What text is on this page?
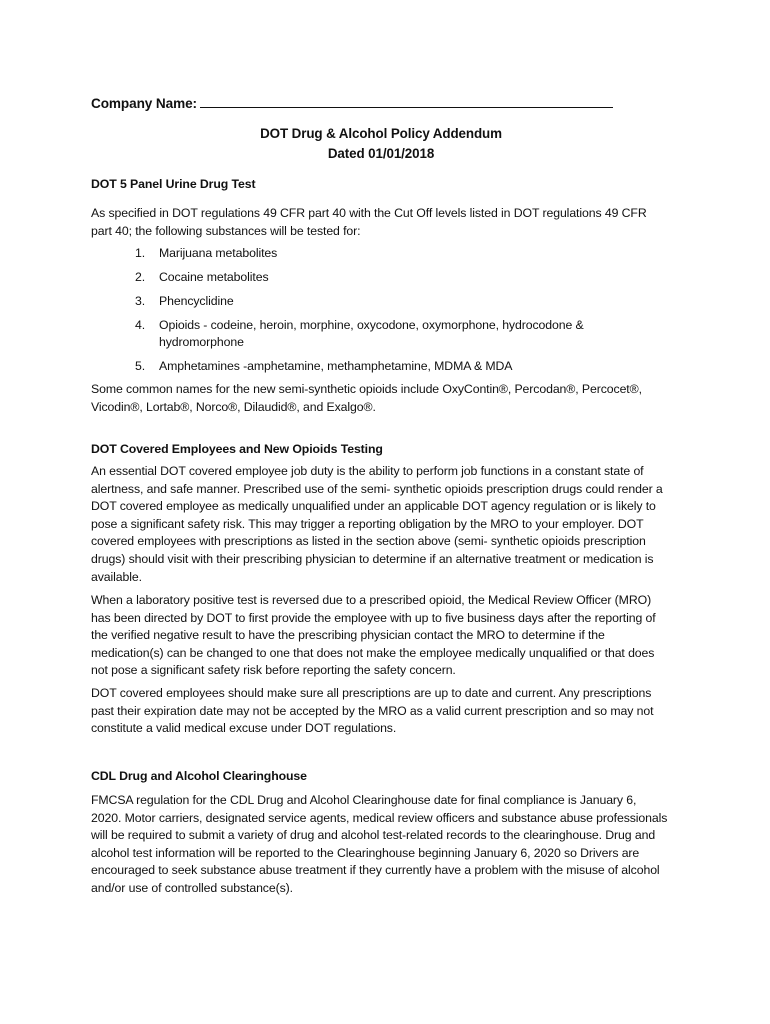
Company Name:
DOT Drug & Alcohol Policy Addendum
Dated 01/01/2018
DOT 5 Panel Urine Drug Test

As specified in DOT regulations 49 CFR part 40 with the Cut Off levels listed in DOT regulations 49 CFR part 40; the following substances will be tested for:

1. Marijuana metabolites
2. Cocaine metabolites
3. Phencyclidine
4. Opioids - codeine, heroin, morphine, oxycodone, oxymorphone, hydrocodone & hydromorphone
5. Amphetamines -amphetamine, methamphetamine, MDMA & MDA

Some common names for the new semi-synthetic opioids include OxyContin®, Percodan®, Percocet®, Vicodin®, Lortab®, Norco®, Dilaudid®, and Exalgo®.

DOT Covered Employees and New Opioids Testing

An essential DOT covered employee job duty is the ability to perform job functions in a constant state of alertness, and safe manner. Prescribed use of the semi- synthetic opioids prescription drugs could render a DOT covered employee as medically unqualified under an applicable DOT agency regulation or is likely to pose a significant safety risk. This may trigger a reporting obligation by the MRO to your employer. DOT covered employees with prescriptions as listed in the section above (semi- synthetic opioids prescription drugs) should visit with their prescribing physician to determine if an alternative treatment or medication is available.

When a laboratory positive test is reversed due to a prescribed opioid, the Medical Review Officer (MRO) has been directed by DOT to first provide the employee with up to five business days after the reporting of the verified negative result to have the prescribing physician contact the MRO to determine if the medication(s) can be changed to one that does not make the employee medically unqualified or that does not pose a significant safety risk before reporting the safety concern.

DOT covered employees should make sure all prescriptions are up to date and current. Any prescriptions past their expiration date may not be accepted by the MRO as a valid current prescription and so may not constitute a valid medical excuse under DOT regulations.

CDL Drug and Alcohol Clearinghouse

FMCSA regulation for the CDL Drug and Alcohol Clearinghouse date for final compliance is January 6, 2020. Motor carriers, designated service agents, medical review officers and substance abuse professionals will be required to submit a variety of drug and alcohol test-related records to the clearinghouse. Drug and alcohol test information will be reported to the Clearinghouse beginning January 6, 2020 so Drivers are encouraged to seek substance abuse treatment if they currently have a problem with the misuse of alcohol and/or use of controlled substance(s).
